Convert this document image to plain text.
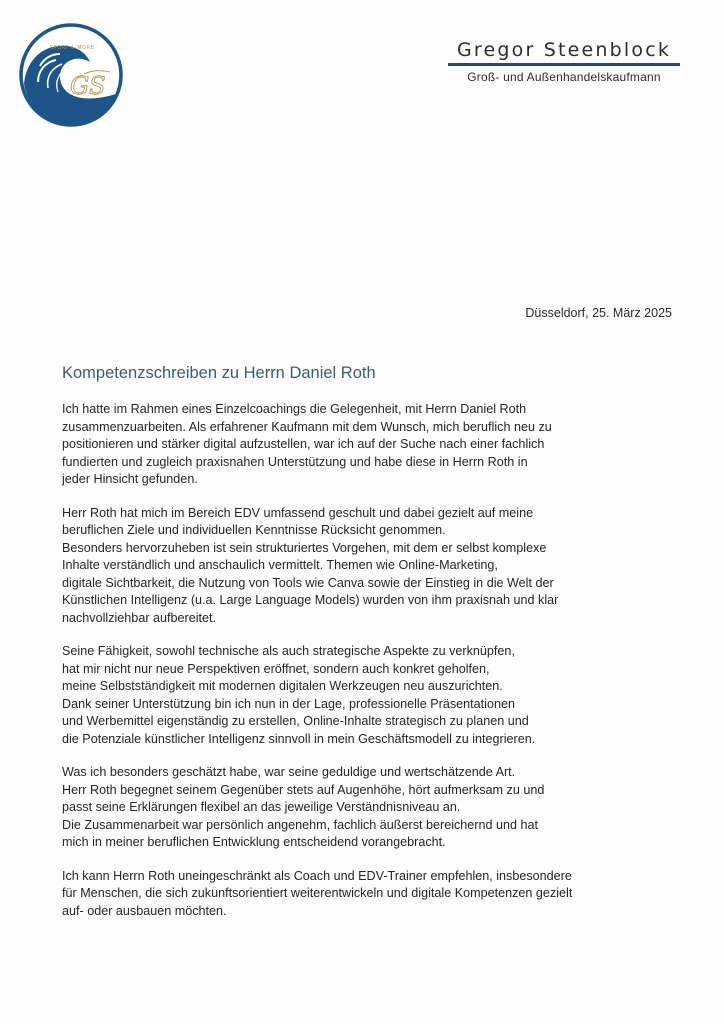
SPORT & MORE
GS
Gregor Steenblock
Groß- und Außenhandelskaufmann
Düsseldorf, 25. März 2025
Kompetenzschreiben zu Herrn Daniel Roth

Ich hatte im Rahmen eines Einzelcoachings die Gelegenheit, mit Herrn Daniel Roth
zusammenzuarbeiten. Als erfahrener Kaufmann mit dem Wunsch, mich beruflich neu zu
positionieren und stärker digital aufzustellen, war ich auf der Suche nach einer fachlich
fundierten und zugleich praxisnahen Unterstützung und habe diese in Herrn Roth in
jeder Hinsicht gefunden.

Herr Roth hat mich im Bereich EDV umfassend geschult und dabei gezielt auf meine
beruflichen Ziele und individuellen Kenntnisse Rücksicht genommen.
Besonders hervorzuheben ist sein strukturiertes Vorgehen, mit dem er selbst komplexe
Inhalte verständlich und anschaulich vermittelt. Themen wie Online-Marketing,
digitale Sichtbarkeit, die Nutzung von Tools wie Canva sowie der Einstieg in die Welt der
Künstlichen Intelligenz (u.a. Large Language Models) wurden von ihm praxisnah und klar
nachvollziehbar aufbereitet.

Seine Fähigkeit, sowohl technische als auch strategische Aspekte zu verknüpfen,
hat mir nicht nur neue Perspektiven eröffnet, sondern auch konkret geholfen,
meine Selbstständigkeit mit modernen digitalen Werkzeugen neu auszurichten.
Dank seiner Unterstützung bin ich nun in der Lage, professionelle Präsentationen
und Werbemittel eigenständig zu erstellen, Online-Inhalte strategisch zu planen und
die Potenziale künstlicher Intelligenz sinnvoll in mein Geschäftsmodell zu integrieren.

Was ich besonders geschätzt habe, war seine geduldige und wertschätzende Art.
Herr Roth begegnet seinem Gegenüber stets auf Augenhöhe, hört aufmerksam zu und
passt seine Erklärungen flexibel an das jeweilige Verständnisniveau an.
Die Zusammenarbeit war persönlich angenehm, fachlich äußerst bereichernd und hat
mich in meiner beruflichen Entwicklung entscheidend vorangebracht.

Ich kann Herrn Roth uneingeschränkt als Coach und EDV-Trainer empfehlen, insbesondere
für Menschen, die sich zukunftsorientiert weiterentwickeln und digitale Kompetenzen gezielt
auf- oder ausbauen möchten.
